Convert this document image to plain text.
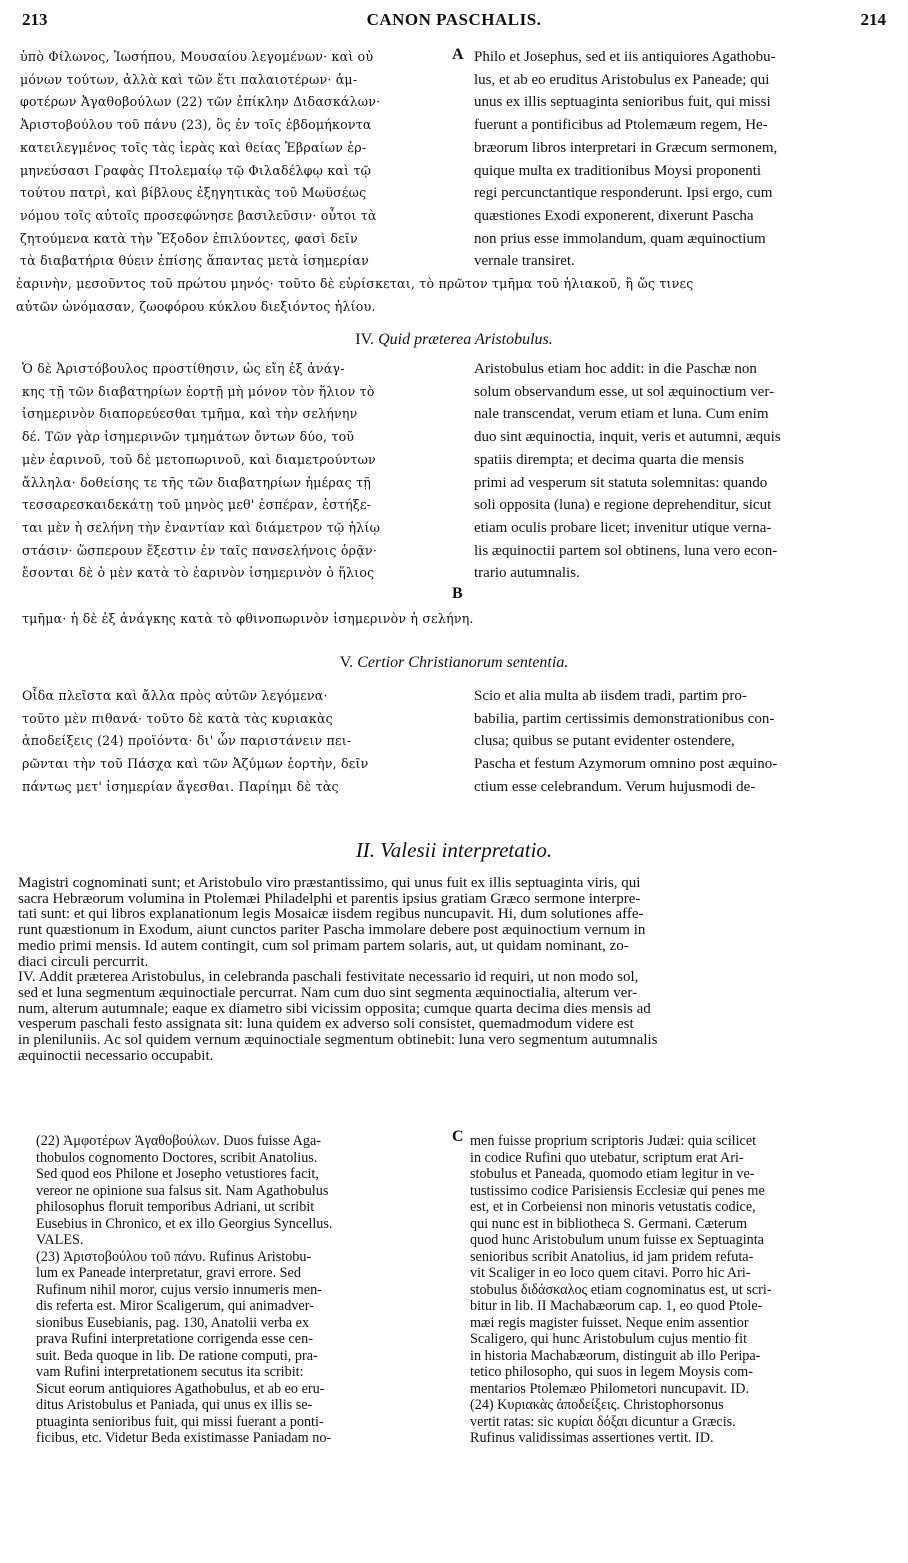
213	CANON PASCHALIS.	214
ὑπὸ Φίλωνος, Ἰωσήπου, Μουσαίου λεγομένων· καὶ οὐ
μόνων τούτων, ἀλλὰ καὶ τῶν ἔτι παλαιοτέρων· ἀμ-
φοτέρων Ἀγαθοβούλων (22) τῶν ἐπίκλην Διδασκάλων·
Ἀριστοβούλου τοῦ πάνυ (23), ὃς ἐν τοῖς ἑβδομήκοντα
κατειλεγμένος τοῖς τὰς ἱερὰς καὶ θείας Ἑβραίων ἑρ-
μηνεύσασι Γραφὰς Πτολεμαίῳ τῷ Φιλαδέλφῳ καὶ τῷ
τούτου πατρὶ, καὶ βίβλους ἐξηγητικὰς τοῦ Μωϋσέως
νόμου τοῖς αὐτοῖς προσεφώνησε βασιλεῦσιν· οὗτοι τὰ
ζητούμενα κατὰ τὴν Ἔξοδον ἐπιλύοντες, φασὶ δεῖν
τὰ διαβατήρια θύειν ἐπίσης ἅπαντας μετὰ ἰσημερίαν
A Philo et Josephus, sed et iis antiquiores Agathobu-
lus, et ab eo eruditus Aristobulus ex Paneade; qui
unus ex illis septuaginta senioribus fuit, qui missi
fuerunt a pontificibus ad Ptolemæum regem, He-
bræorum libros interpretari in Græcum sermonem,
quique multa ex traditionibus Moysi proponenti
regi percunctantique responderunt. Ipsi ergo, cum
quæstiones Exodi exponerent, dixerunt Pascha
non prius esse immolandum, quam æquinoctium
vernale transiret.
ἐαρινὴν, μεσοῦντος τοῦ πρώτου μηνός· τοῦτο δὲ εὑρίσκεται, τὸ πρῶτον τμῆμα τοῦ ἡλιακοῦ, ἢ ὥς τινες
αὐτῶν ὠνόμασαν, ζωοφόρου κύκλου διεξιόντος ἡλίου.
IV. Quid præterea Aristobulus.
Ὁ δὲ Ἀριστόβουλος προστίθησιν, ὡς εἴη ἐξ ἀνάγ-
κης τῇ τῶν διαβατηρίων ἑορτῇ μὴ μόνον τὸν ἥλιον τὸ
ἰσημερινὸν διαπορεύεσθαι τμῆμα, καὶ τὴν σελήνην
δέ. Τῶν γὰρ ἰσημερινῶν τμημάτων ὄντων δύο, τοῦ
μὲν ἐαρινοῦ, τοῦ δὲ μετοπωρινοῦ, καὶ διαμετρούντων
ἄλληλα· δοθείσης τε τῆς τῶν διαβατηρίων ἡμέρας τῇ
τεσσαρεσκαιδεκάτῃ τοῦ μηνὸς μεθ' ἑσπέραν, ἐστήξε-
ται μὲν ἡ σελήνη τὴν ἐναντίαν καὶ διάμετρον τῷ ἡλίῳ
στάσιν· ὥσπερουν ἔξεστιν ἐν ταῖς πανσελήνοις ὁρᾷν·
ἔσονται δὲ ὁ μὲν κατὰ τὸ ἐαρινὸν ἰσημερινὸν ὁ ἥλιος
B
Aristobulus etiam hoc addit: in die Paschæ non
solum observandum esse, ut sol æquinoctium ver-
nale transcendat, verum etiam et luna. Cum enim
duo sint æquinoctia, inquit, veris et autumni, æquis
spatiis dirempta; et decima quarta die mensis
primi ad vesperum sit statuta solemnitas: quando
soli opposita (luna) e regione deprehenditur, sicut
etiam oculis probare licet; invenitur utique verna-
lis æquinoctii partem sol obtinens, luna vero econ-
trario autumnalis.
τμῆμα· ἡ δὲ ἐξ ἀνάγκης κατὰ τὸ φθινοπωρινὸν ἰσημερινὸν ἡ σελήνη.
V. Certior Christianorum sententia.
Οἶδα πλεῖστα καὶ ἄλλα πρὸς αὐτῶν λεγόμενα·
τοῦτο μὲν πιθανά· τοῦτο δὲ κατὰ τὰς κυριακὰς
ἀποδείξεις (24) προϊόντα· δι' ὧν παριστάνειν πει-
ρῶνται τὴν τοῦ Πάσχα καὶ τῶν Ἀζύμων ἑορτὴν, δεῖν
πάντως μετ' ἰσημερίαν ἄγεσθαι. Παρίημι δὲ τὰς
Scio et alia multa ab iisdem tradi, partim pro-
babilia, partim certissimis demonstrationibus con-
clusa; quibus se putant evidenter ostendere,
Pascha et festum Azymorum omnino post æquino-
ctium esse celebrandum. Verum hujusmodi de-
II. Valesii interpretatio.
Magistri cognominati sunt; et Aristobulo viro præstantissimo, qui unus fuit ex illis septuaginta viris, qui
sacra Hebræorum volumina in Ptolemæi Philadelphi et parentis ipsius gratiam Græco sermone interpre-
tati sunt: et qui libros explanationum legis Mosaicæ iisdem regibus nuncupavit. Hi, dum solutiones affe-
runt quæstionum in Exodum, aiunt cunctos pariter Pascha immolare debere post æquinoctium vernum in
medio primi mensis. Id autem contingit, cum sol primam partem solaris, aut, ut quidam nominant, zo-
diaci circuli percurrit.
IV. Addit præterea Aristobulus, in celebranda paschali festivitate necessario id requiri, ut non modo sol,
sed et luna segmentum æquinoctiale percurrat. Nam cum duo sint segmenta æquinoctialia, alterum ver-
num, alterum autumnale; eaque ex diametro sibi vicissim opposita; cumque quarta decima dies mensis ad
vesperum paschali festo assignata sit: luna quidem ex adverso soli consistet, quemadmodum videre est
in pleniluniis. Ac sol quidem vernum æquinoctiale segmentum obtinebit: luna vero segmentum autumnalis
æquinoctii necessario occupabit.
(22) Ἀμφοτέρων Ἀγαθοβούλων. Duos fuisse Aga-
thobulos cognomento Doctores, scribit Anatolius.
Sed quod eos Philone et Josepho vetustiores facit,
vereor ne opinione sua falsus sit. Nam Agathobulus
philosophus floruit temporibus Adriani, ut scribit
Eusebius in Chronico, et ex illo Georgius Syncellus.
VALES.
(23) Ἀριστοβούλου τοῦ πάνυ. Rufinus Aristobu-
lum ex Paneade interpretatur, gravi errore. Sed
Rufinum nihil moror, cujus versio innumeris men-
dis referta est. Miror Scaligerum, qui animadver-
sionibus Eusebianis, pag. 130, Anatolii verba ex
prava Rufini interpretatione corrigenda esse cen-
suit. Beda quoque in lib. De ratione computi, pra-
vam Rufini interpretationem secutus ita scribit:
Sicut eorum antiquiores Agathobulus, et ab eo eru-
ditus Aristobulus et Paniada, qui unus ex illis se-
ptuaginta senioribus fuit, qui missi fuerant a ponti-
ficibus, etc. Videtur Beda existimasse Paniadam no-
C men fuisse proprium scriptoris Judæi: quia scilicet
in codice Rufini quo utebatur, scriptum erat Ari-
stobulus et Paneada, quomodo etiam legitur in ve-
tustissimo codice Parisiensis Ecclesiæ qui penes me
est, et in Corbeiensi non minoris vetustatis codice,
qui nunc est in bibliotheca S. Germani. Cæterum
quod hunc Aristobulum unum fuisse ex Septuaginta
senioribus scribit Anatolius, id jam pridem refuta-
vit Scaliger in eo loco quem citavi. Porro hic Ari-
stobulus διδάσκαλος etiam cognominatus est, ut scri-
bitur in lib. II Machabæorum cap. 1, eo quod Ptole-
mæi regis magister fuisset. Neque enim assentior
Scaligero, qui hunc Aristobulum cujus mentio fit
in historia Machabæorum, distinguit ab illo Peripa-
tetico philosopho, qui suos in legem Moysis com-
mentarios Ptolemæo Philometori nuncupavit. ID.
(24) Κυριακὰς ἀποδείξεις. Christophorsonus
vertit ratas: sic κυρίαι δόξαι dicuntur a Græcis.
Rufinus validissimas assertiones vertit. ID.
